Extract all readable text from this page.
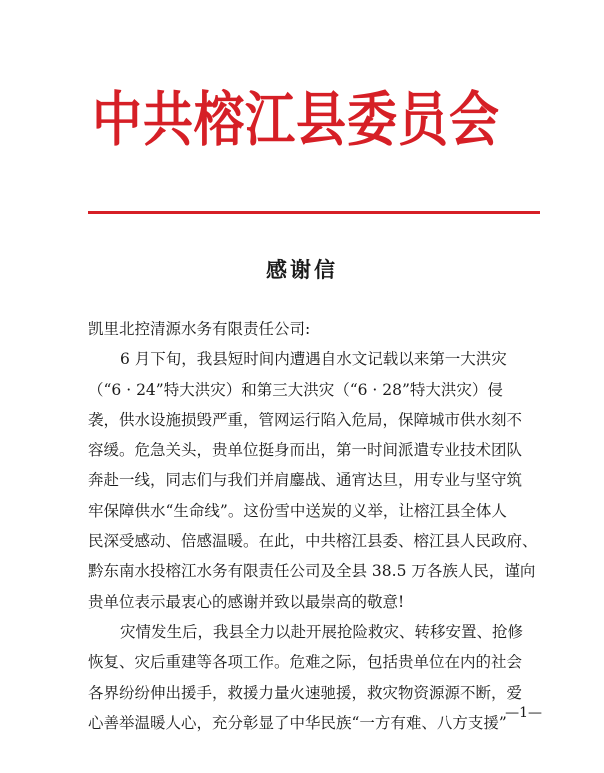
中共榕江县委员会
感谢信
凯里北控清源水务有限责任公司:
6 月下旬，我县短时间内遭遇自水文记载以来第一大洪灾
（“6 · 24”特大洪灾）和第三大洪灾（“6 · 28”特大洪灾）侵
袭，供水设施损毁严重，管网运行陷入危局，保障城市供水刻不
容缓。危急关头，贵单位挺身而出，第一时间派遣专业技术团队
奔赴一线，同志们与我们并肩鏖战、通宵达旦，用专业与坚守筑
牢保障供水“生命线”。这份雪中送炭的义举，让榕江县全体人
民深受感动、倍感温暖。在此，中共榕江县委、榕江县人民政府、
黔东南水投榕江水务有限责任公司及全县 38.5 万各族人民，谨向
贵单位表示最衷心的感谢并致以最崇高的敬意!
灾情发生后，我县全力以赴开展抢险救灾、转移安置、抢修
恢复、灾后重建等各项工作。危难之际，包括贵单位在内的社会
各界纷纷伸出援手，救援力量火速驰援，救灾物资源源不断，爱
心善举温暖人心，充分彰显了中华民族“一方有难、八方支援”
—1—
